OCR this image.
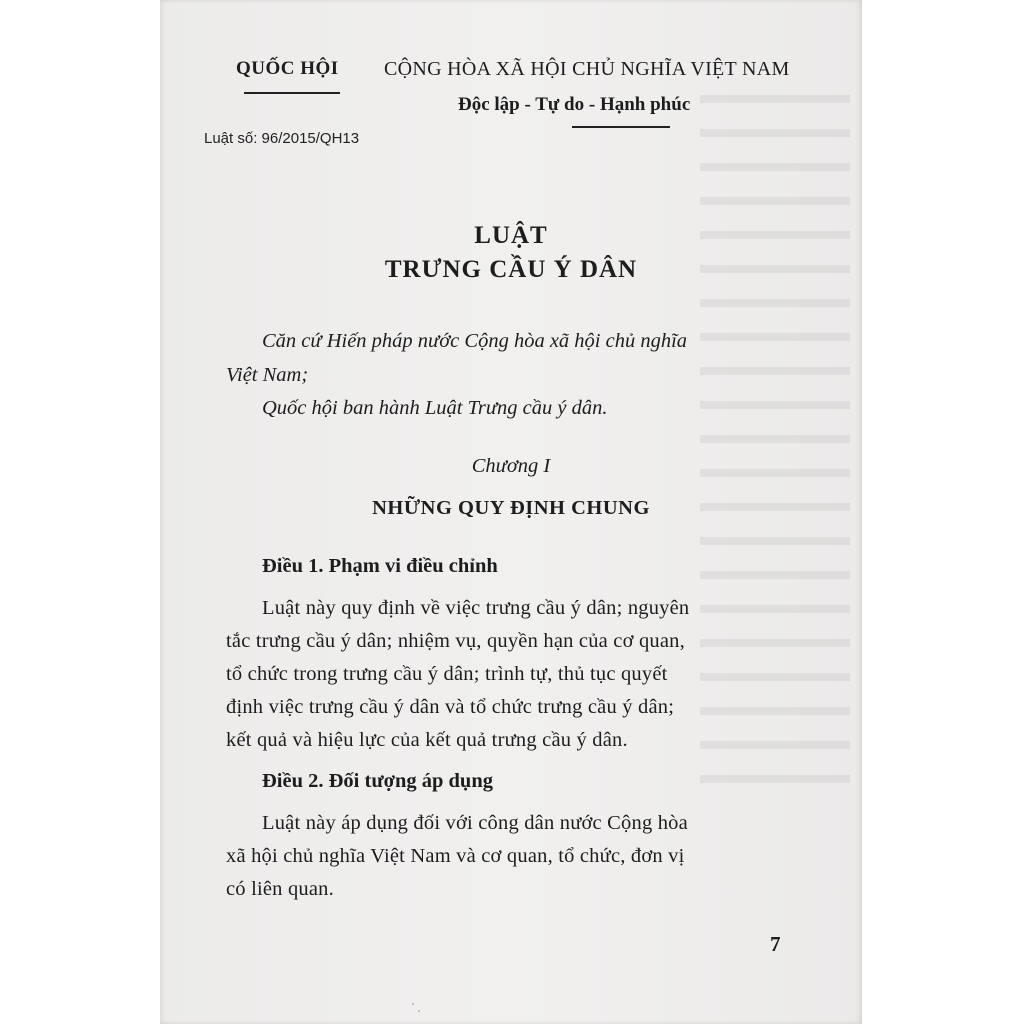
QUỐC HỘI CỘNG HÒA XÃ HỘI CHỦ NGHĨA VIỆT NAM
Độc lập - Tự do - Hạnh phúc
Luật số: 96/2015/QH13
LUẬT
TRƯNG CẦU Ý DÂN
Căn cứ Hiến pháp nước Cộng hòa xã hội chủ nghĩa
Việt Nam;
Quốc hội ban hành Luật Trưng cầu ý dân.
Chương I
NHỮNG QUY ĐỊNH CHUNG
Điều 1. Phạm vi điều chỉnh
Luật này quy định về việc trưng cầu ý dân; nguyên
tắc trưng cầu ý dân; nhiệm vụ, quyền hạn của cơ quan,
tổ chức trong trưng cầu ý dân; trình tự, thủ tục quyết
định việc trưng cầu ý dân và tổ chức trưng cầu ý dân;
kết quả và hiệu lực của kết quả trưng cầu ý dân.
Điều 2. Đối tượng áp dụng
Luật này áp dụng đối với công dân nước Cộng hòa
xã hội chủ nghĩa Việt Nam và cơ quan, tổ chức, đơn vị
có liên quan.
7
